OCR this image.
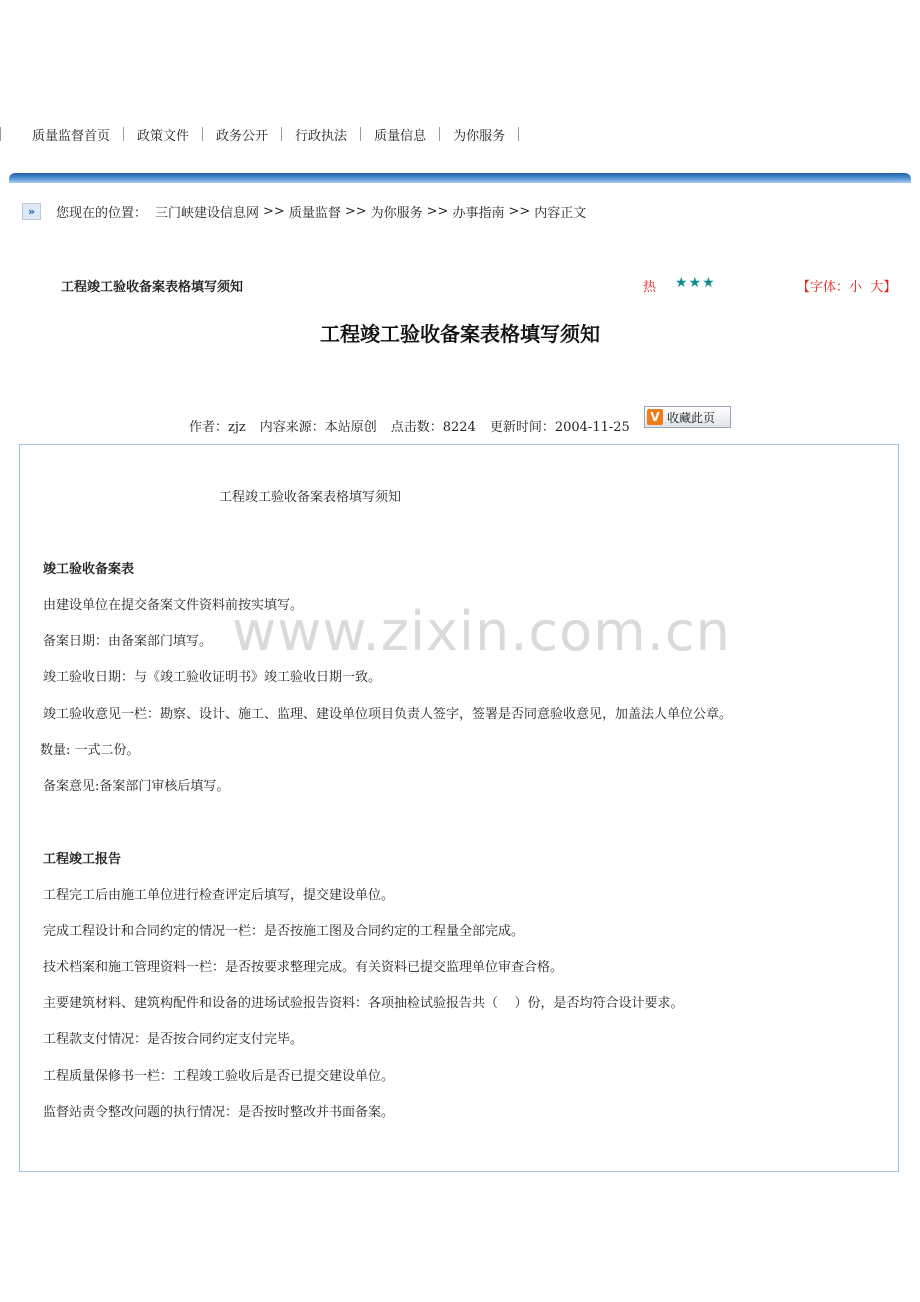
质量监督首页	政策文件	政务公开	行政执法	质量信息	为你服务
»	您现在的位置： 三门峡建设信息网 >> 质量监督 >> 为你服务 >> 办事指南 >> 内容正文
工程竣工验收备案表格填写须知	热 ★★★	【字体： 小
大 】
工程竣工验收备案表格填写须知
作者：zjz 内容来源：本站原创 点击数：8224 更新时间：2004-11-25
V 收藏此页
工程竣工验收备案表格填写须知
竣工验收备案表
由建设单位在提交备案文件资料前按实填写。
备案日期：由备案部门填写。
竣工验收日期：与《竣工验收证明书》竣工验收日期一致。
竣工验收意见一栏：勘察、设计、施工、监理、建设单位项目负责人签字，签署是否同意验收意见，加盖法人单位公章。
数量: 一式二份。
备案意见:备案部门审核后填写。
工程竣工报告
工程完工后由施工单位进行检查评定后填写，提交建设单位。
完成工程设计和合同约定的情况一栏：是否按施工图及合同约定的工程量全部完成。
技术档案和施工管理资料一栏：是否按要求整理完成。有关资料已提交监理单位审查合格。
主要建筑材料、建筑构配件和设备的进场试验报告资料：各项抽检试验报告共（    ）份，是否均符合设计要求。
工程款支付情况：是否按合同约定支付完毕。
工程质量保修书一栏：工程竣工验收后是否已提交建设单位。
监督站责令整改问题的执行情况：是否按时整改并书面备案。
www.zixin.com.cn
